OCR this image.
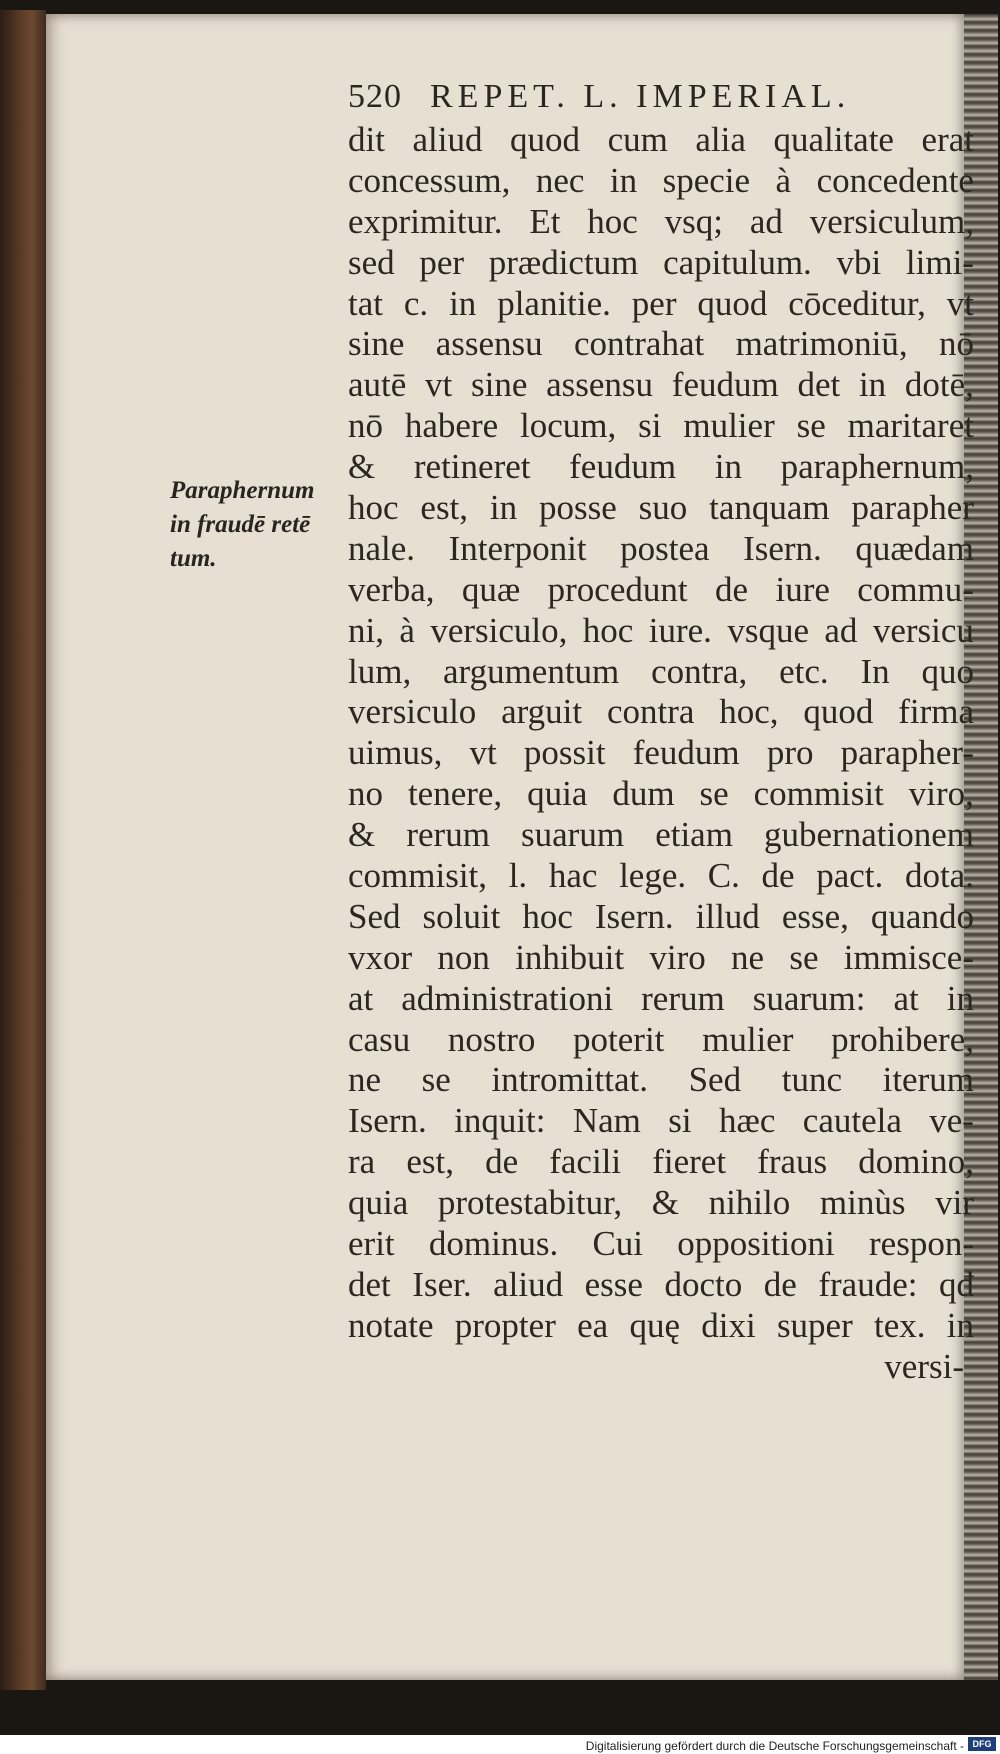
520 REPET. L. IMPERIAL.
Paraphernum
in fraudē retē
tum.
dit aliud quod cum alia qualitate erat
concessum, nec in specie à concedente
exprimitur. Et hoc vsq; ad versiculum,
sed per prædictum capitulum. vbi limi-
tat c. in planitie. per quod cōceditur, vt
sine assensu contrahat matrimoniū, nō
autē vt sine assensu feudum det in dotē,
nō habere locum, si mulier se maritaret
& retineret feudum in paraphernum,
hoc est, in posse suo tanquam parapher
nale. Interponit postea Isern. quædam
verba, quæ procedunt de iure commu-
ni, à versiculo, hoc iure. vsque ad versicu
lum, argumentum contra, etc. In quo
versiculo arguit contra hoc, quod firma
uimus, vt possit feudum pro parapher-
no tenere, quia dum se commisit viro,
& rerum suarum etiam gubernationem
commisit, l. hac lege. C. de pact. dota.
Sed soluit hoc Isern. illud esse, quando
vxor non inhibuit viro ne se immisce-
at administrationi rerum suarum: at in
casu nostro poterit mulier prohibere,
ne se intromittat. Sed tunc iterum
Isern. inquit: Nam si hæc cautela ve-
ra est, de facili fieret fraus domino,
quia protestabitur, & nihilo minùs vir
erit dominus. Cui oppositioni respon-
det Iser. aliud esse docto de fraude: qđ
notate propter ea quę dixi super tex. in
versi-
Digitalisierung gefördert durch die Deutsche Forschungsgemeinschaft - DFG
